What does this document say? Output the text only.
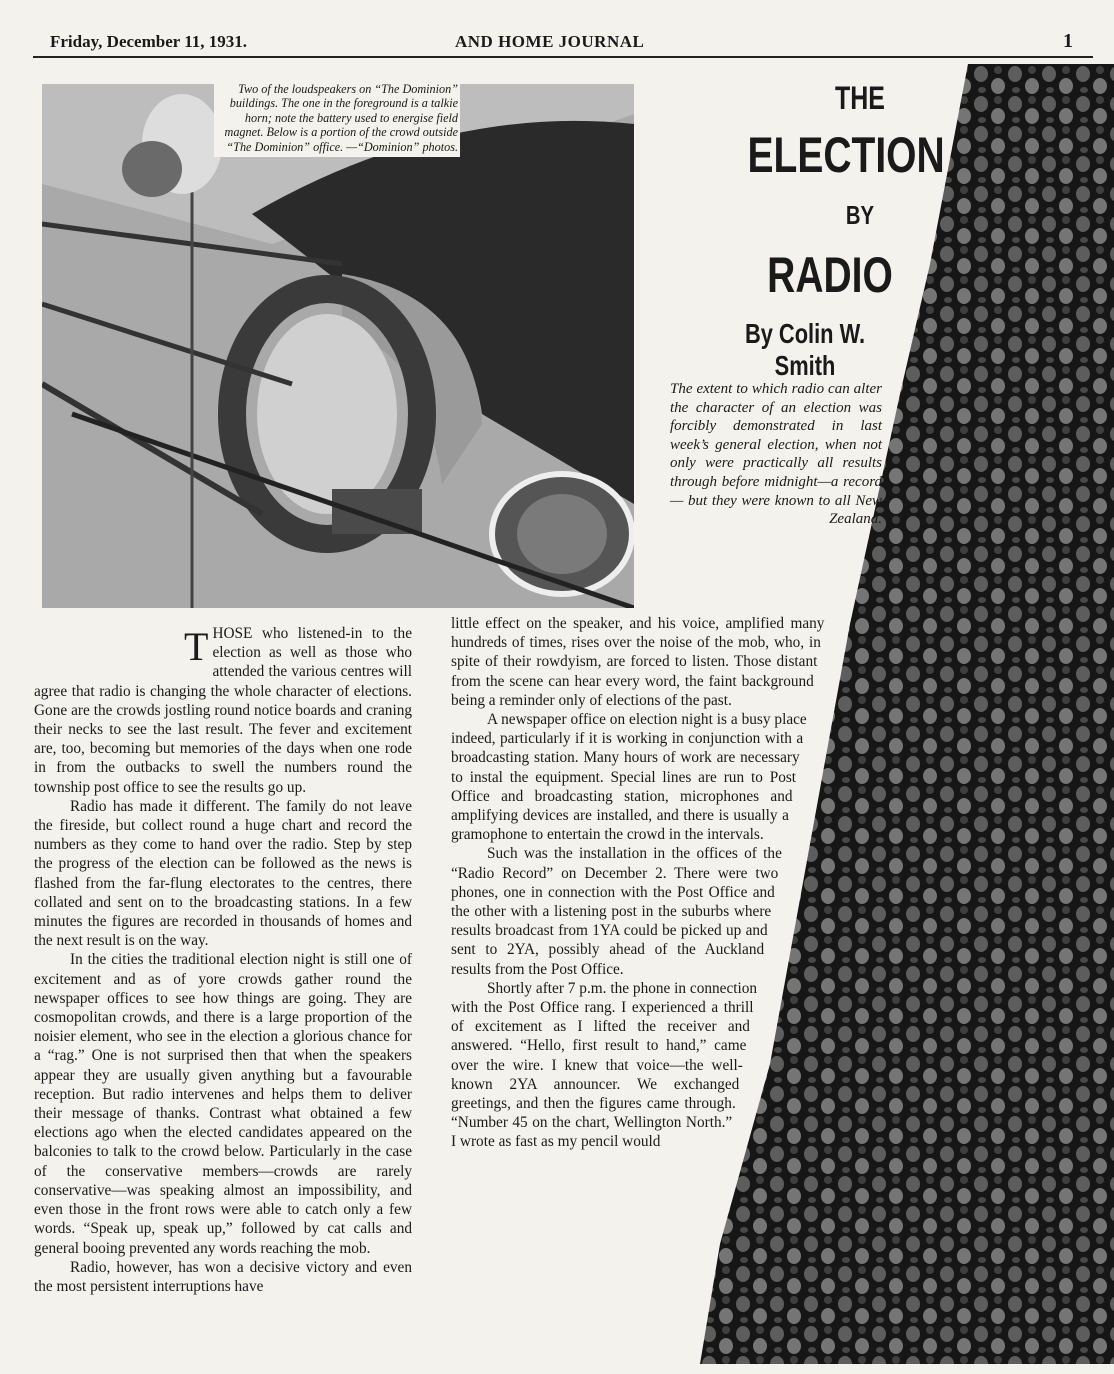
Friday, December 11, 1931.	AND HOME JOURNAL	1
Two of the loudspeakers on “The Dominion” buildings. The one in the foreground is a talkie horn; note the battery used to energise field magnet. Below is a portion of the crowd outside “The Dominion” office. —“Dominion” photos.
THE
ELECTION
BY
RADIO
By Colin W. Smith
The extent to which radio can alter the character of an election was forcibly demonstrated in last week’s general election, when not only were practically all results through before midnight—a record — but they were known to all New Zealand.

THOSE who listened-in to the election as well as those who attended the various centres will agree that radio is changing the whole character of elections. Gone are the crowds jostling round notice boards and craning their necks to see the last result. The fever and excitement are, too, becoming but memories of the days when one rode in from the outbacks to swell the numbers round the township post office to see the results go up.

Radio has made it different. The family do not leave the fireside, but collect round a huge chart and record the numbers as they come to hand over the radio. Step by step the progress of the election can be followed as the news is flashed from the far-flung electorates to the centres, there collated and sent on to the broadcasting stations. In a few minutes the figures are recorded in thousands of homes and the next result is on the way.

In the cities the traditional election night is still one of excitement and as of yore crowds gather round the newspaper offices to see how things are going. They are cosmopolitan crowds, and there is a large proportion of the noisier element, who see in the election a glorious chance for a “rag.” One is not surprised then that when the speakers appear they are usually given anything but a favourable reception. But radio intervenes and helps them to deliver their message of thanks. Contrast what obtained a few elections ago when the elected candidates appeared on the balconies to talk to the crowd below. Particularly in the case of the conservative members—crowds are rarely conservative—was speaking almost an impossibility, and even those in the front rows were able to catch only a few words. “Speak up, speak up,” followed by cat calls and general booing prevented any words reaching the mob.

Radio, however, has won a decisive victory and even the most persistent interruptions have

little effect on the speaker, and his voice, amplified many hundreds of times, rises over the noise of the mob, who, in spite of their rowdyism, are forced to listen. Those distant from the scene can hear every word, the faint background being a reminder only of elections of the past.

A newspaper office on election night is a busy place indeed, particularly if it is working in conjunction with a broadcasting station. Many hours of work are necessary to instal the equipment. Special lines are run to Post Office and broadcasting station, microphones and amplifying devices are installed, and there is usually a gramophone to entertain the crowd in the intervals.

Such was the installation in the offices of the “Radio Record” on December 2. There were two phones, one in connection with the Post Office and the other with a listening post in the suburbs where results broadcast from 1YA could be picked up and sent to 2YA, possibly ahead of the Auckland results from the Post Office.

Shortly after 7 p.m. the phone in connection with the Post Office rang. I experienced a thrill of excitement as I lifted the receiver and answered. “Hello, first result to hand,” came over the wire. I knew that voice—the well-known 2YA announcer. We exchanged greetings, and then the figures came through. “Number 45 on the chart, Wellington North.” I wrote as fast as my pencil would
